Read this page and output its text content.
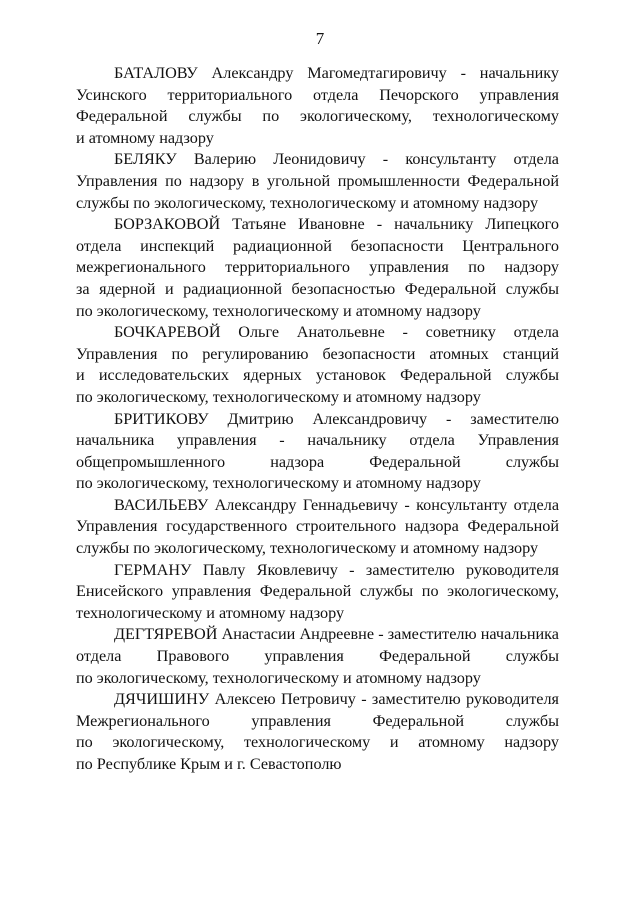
7

БАТАЛОВУ Александру Магомедтагировичу - начальнику
Усинского территориального отдела Печорского управления
Федеральной службы по экологическому, технологическому
и атомному надзору

БЕЛЯКУ Валерию Леонидовичу - консультанту отдела
Управления по надзору в угольной промышленности Федеральной
службы по экологическому, технологическому и атомному надзору

БОРЗАКОВОЙ Татьяне Ивановне - начальнику Липецкого
отдела инспекций радиационной безопасности Центрального
межрегионального территориального управления по надзору
за ядерной и радиационной безопасностью Федеральной службы
по экологическому, технологическому и атомному надзору

БОЧКАРЕВОЙ Ольге Анатольевне - советнику отдела
Управления по регулированию безопасности атомных станций
и исследовательских ядерных установок Федеральной службы
по экологическому, технологическому и атомному надзору

БРИТИКОВУ Дмитрию Александровичу - заместителю
начальника управления - начальнику отдела Управления
общепромышленного надзора Федеральной службы
по экологическому, технологическому и атомному надзору

ВАСИЛЬЕВУ Александру Геннадьевичу - консультанту отдела
Управления государственного строительного надзора Федеральной
службы по экологическому, технологическому и атомному надзору

ГЕРМАНУ Павлу Яковлевичу - заместителю руководителя
Енисейского управления Федеральной службы по экологическому,
технологическому и атомному надзору

ДЕГТЯРЕВОЙ Анастасии Андреевне - заместителю начальника
отдела Правового управления Федеральной службы
по экологическому, технологическому и атомному надзору

ДЯЧИШИНУ Алексею Петровичу - заместителю руководителя
Межрегионального управления Федеральной службы
по экологическому, технологическому и атомному надзору
по Республике Крым и г. Севастополю
